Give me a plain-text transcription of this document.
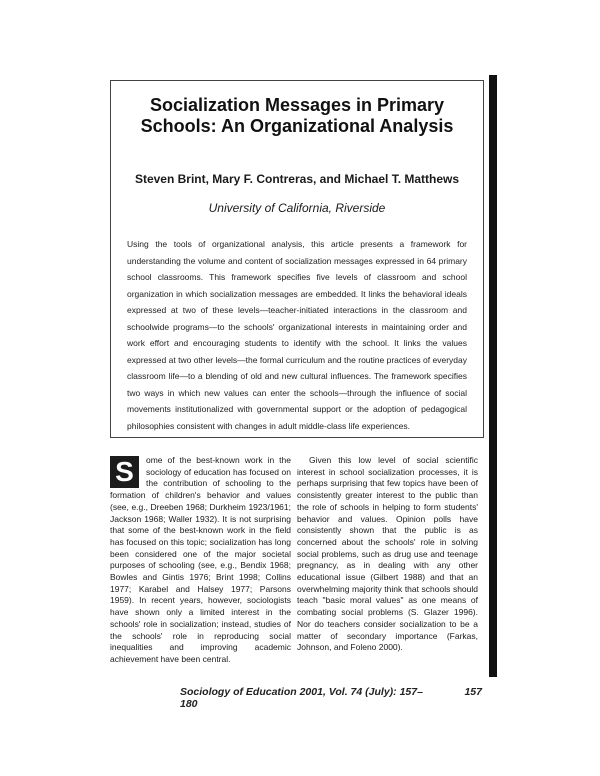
Socialization Messages in Primary Schools: An Organizational Analysis
Steven Brint, Mary F. Contreras, and Michael T. Matthews
University of California, Riverside

Using the tools of organizational analysis, this article presents a framework for understanding the volume and content of socialization messages expressed in 64 primary school classrooms. This framework specifies five levels of classroom and school organization in which socialization messages are embedded. It links the behavioral ideals expressed at two of these levels—teacher-initiated interactions in the classroom and schoolwide programs—to the schools' organizational interests in maintaining order and work effort and encouraging students to identify with the school. It links the values expressed at two other levels—the formal curriculum and the routine practices of everyday classroom life—to a blending of old and new cultural influences. The framework specifies two ways in which new values can enter the schools—through the influence of social movements institutionalized with governmental support or the adoption of pedagogical philosophies consistent with changes in adult middle-class life experiences.

S	ome of the best-known work in the sociology of education has focused on the contribution of schooling to the formation of children's behavior and values (see, e.g., Dreeben 1968; Durkheim 1923/1961; Jackson 1968; Waller 1932). It is not surprising that some of the best-known work in the field has focused on this topic; socialization has long been considered one of the major societal purposes of schooling (see, e.g., Bendix 1968; Bowles and Gintis 1976; Brint 1998; Collins 1977; Karabel and Halsey 1977; Parsons 1959). In recent years, however, sociologists have shown only a limited interest in the schools' role in socialization; instead, studies of the schools' role in reproducing social inequalities and improving academic achievement have been central.

Given this low level of social scientific interest in school socialization processes, it is perhaps surprising that few topics have been of consistently greater interest to the public than the role of schools in helping to form students' behavior and values. Opinion polls have consistently shown that the public is as concerned about the schools' role in solving social problems, such as drug use and teenage pregnancy, as in dealing with any other educational issue (Gilbert 1988) and that an overwhelming majority think that schools should teach "basic moral values" as one means of combating social problems (S. Glazer 1996). Nor do teachers consider socialization to be a matter of secondary importance (Farkas, Johnson, and Foleno 2000).

Sociology of Education 2001, Vol. 74 (July): 157–180
157
